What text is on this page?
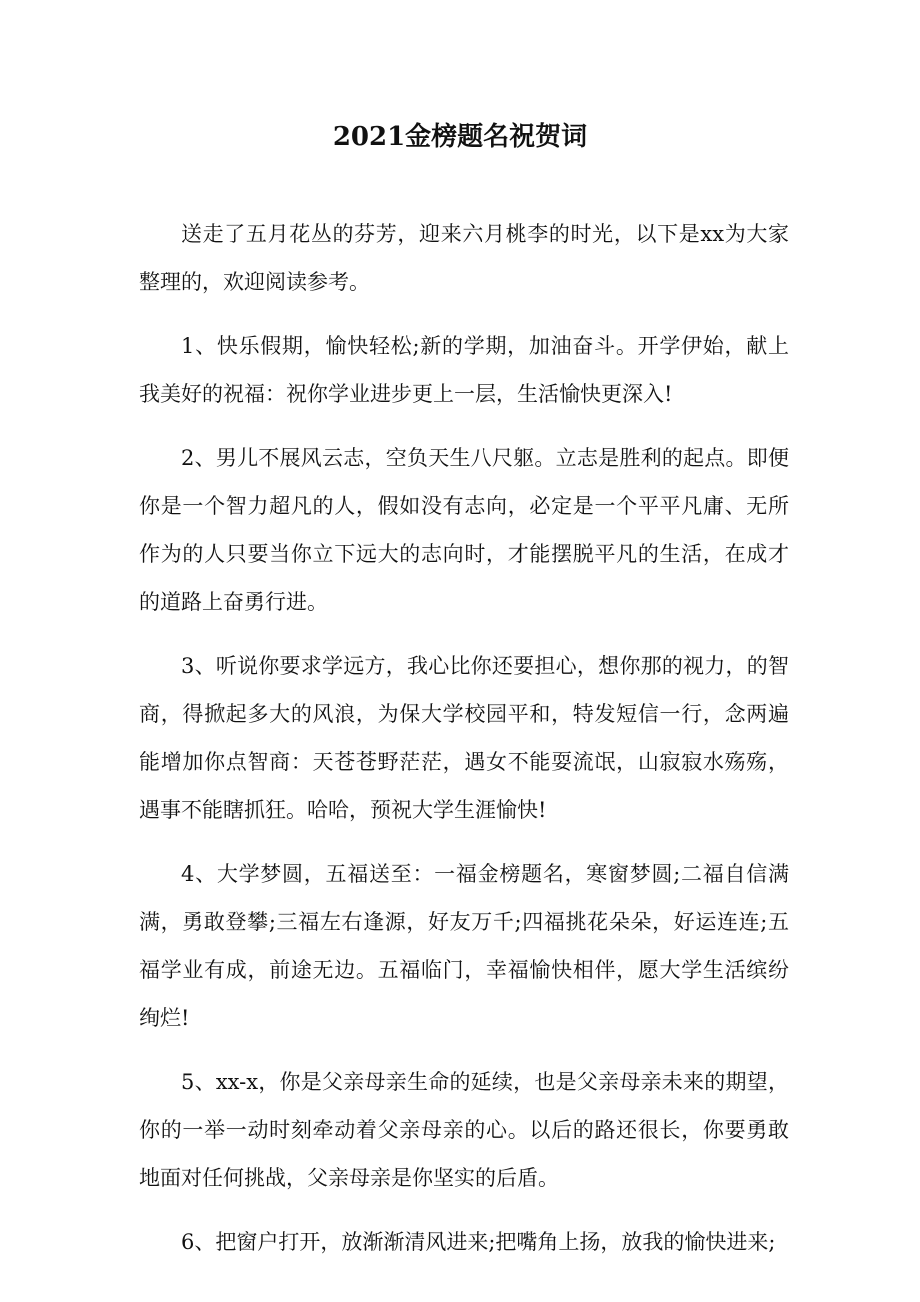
2021金榜题名祝贺词

送走了五月花丛的芬芳，迎来六月桃李的时光，以下是xx为大家整理的，欢迎阅读参考。

1、快乐假期，愉快轻松;新的学期，加油奋斗。开学伊始，献上我美好的祝福：祝你学业进步更上一层，生活愉快更深入!

2、男儿不展风云志，空负天生八尺躯。立志是胜利的起点。即便你是一个智力超凡的人，假如没有志向，必定是一个平平凡庸、无所作为的人只要当你立下远大的志向时，才能摆脱平凡的生活，在成才的道路上奋勇行进。

3、听说你要求学远方，我心比你还要担心，想你那的视力，的智商，得掀起多大的风浪，为保大学校园平和，特发短信一行，念两遍能增加你点智商：天苍苍野茫茫，遇女不能耍流氓，山寂寂水殇殇，遇事不能瞎抓狂。哈哈，预祝大学生涯愉快!

4、大学梦圆，五福送至：一福金榜题名，寒窗梦圆;二福自信满满，勇敢登攀;三福左右逢源，好友万千;四福挑花朵朵，好运连连;五福学业有成，前途无边。五福临门，幸福愉快相伴，愿大学生活缤纷绚烂!

5、xx-x，你是父亲母亲生命的延续，也是父亲母亲未来的期望，你的一举一动时刻牵动着父亲母亲的心。以后的路还很长，你要勇敢地面对任何挑战，父亲母亲是你坚实的后盾。

6、把窗户打开，放渐渐清风进来;把嘴角上扬，放我的愉快进来;
